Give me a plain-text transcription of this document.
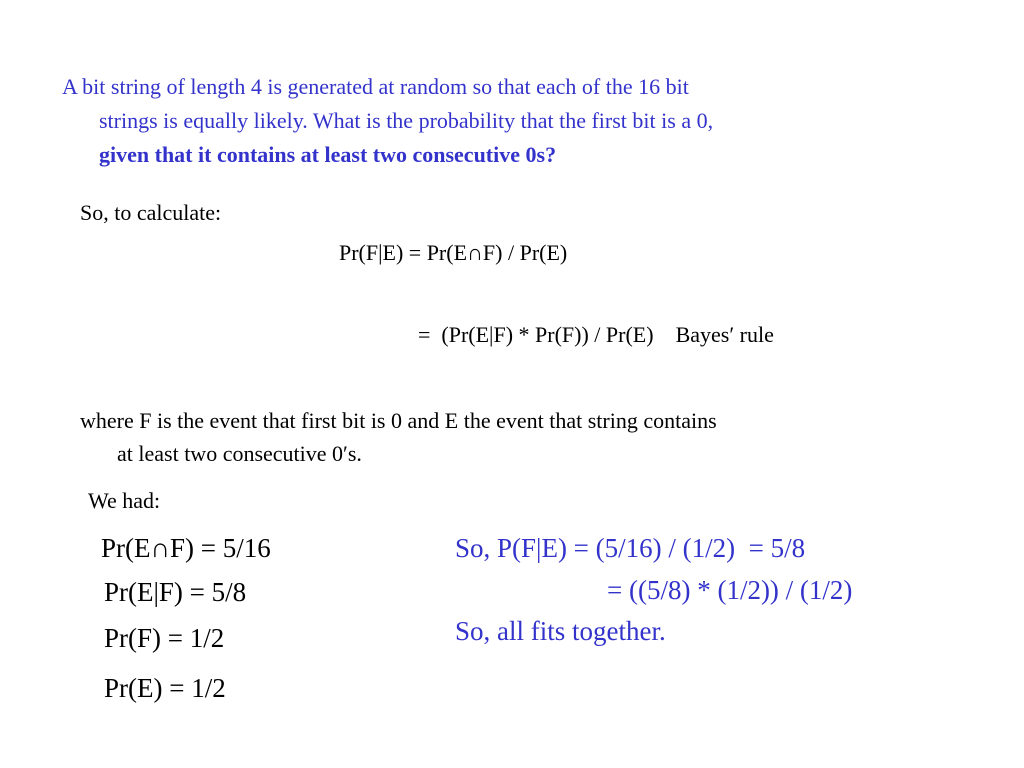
A bit string of length 4 is generated at random so that each of the 16 bit
strings is equally likely. What is the probability that the first bit is a 0,
given that it contains at least two consecutive 0s?

So, to calculate:

Pr(F|E) = Pr(E∩F) / Pr(E)

=  (Pr(E|F) * Pr(F)) / Pr(E)    Bayes′ rule

where F is the event that first bit is 0 and E the event that string contains
at least two consecutive 0′s.

We had:

Pr(E∩F) = 5/16

Pr(E|F) = 5/8

Pr(F) = 1/2

Pr(E) = 1/2

So, P(F|E) = (5/16) / (1/2)  = 5/8

= ((5/8) * (1/2)) / (1/2)

So, all fits together.
